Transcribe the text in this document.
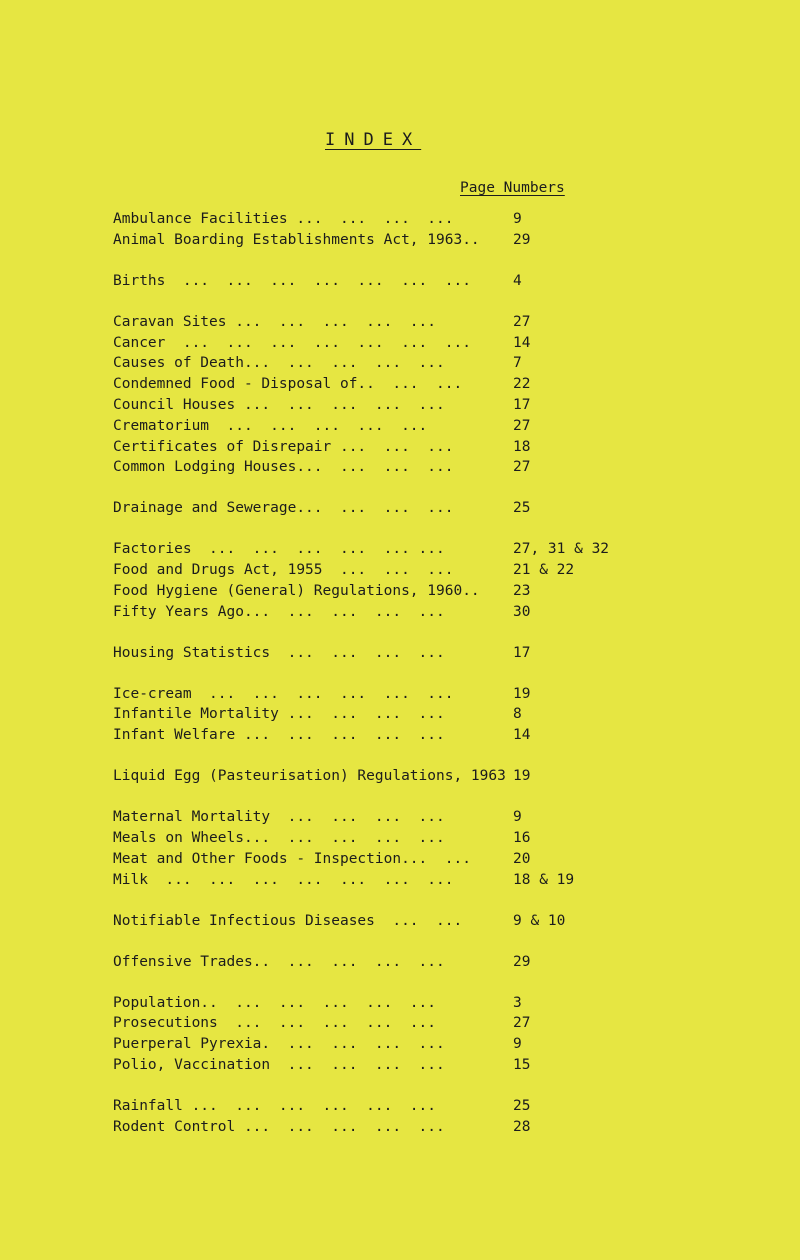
INDEX
Page Numbers
Ambulance Facilities ...  ...  ...  ...	9
Animal Boarding Establishments Act, 1963.. 29
Births  ...  ...  ...  ...  ...  ...  ...	4
Caravan Sites ...  ...  ...  ...  ...	27
Cancer  ...  ...  ...  ...  ...  ...  ...	14
Causes of Death...  ...  ...  ...  ...	7
Condemned Food - Disposal of..  ...  ...	22
Council Houses ...  ...  ...  ...  ...	17
Crematorium  ...  ...  ...  ...  ...	27
Certificates of Disrepair ...  ...  ...	18
Common Lodging Houses...  ...  ...  ...	27
Drainage and Sewerage...  ...  ...  ...	25
Factories  ...  ...  ...  ...  ... ...	27, 31 & 32
Food and Drugs Act, 1955  ...  ...  ...	21 & 22
Food Hygiene (General) Regulations, 1960.. 23
Fifty Years Ago...  ...  ...  ...  ...	30
Housing Statistics  ...  ...  ...  ...	17
Ice-cream  ...  ...  ...  ...  ...  ...	19
Infantile Mortality ...  ...  ...  ...	8
Infant Welfare ...  ...  ...  ...  ...	14
Liquid Egg (Pasteurisation) Regulations, 1963 19
Maternal Mortality  ...  ...  ...  ...	9
Meals on Wheels...  ...  ...  ...  ...	16
Meat and Other Foods - Inspection...  ...	20
Milk  ...  ...  ...  ...  ...  ...  ...	18 & 19
Notifiable Infectious Diseases  ...  ...	9 & 10
Offensive Trades..  ...  ...  ...  ...	29
Population..  ...  ...  ...  ...  ...	3
Prosecutions  ...  ...  ...  ...  ...	27
Puerperal Pyrexia.  ...  ...  ...  ...	9
Polio, Vaccination  ...  ...  ...  ...	15
Rainfall ...  ...  ...  ...  ...  ...	25
Rodent Control ...  ...  ...  ...  ...	28
